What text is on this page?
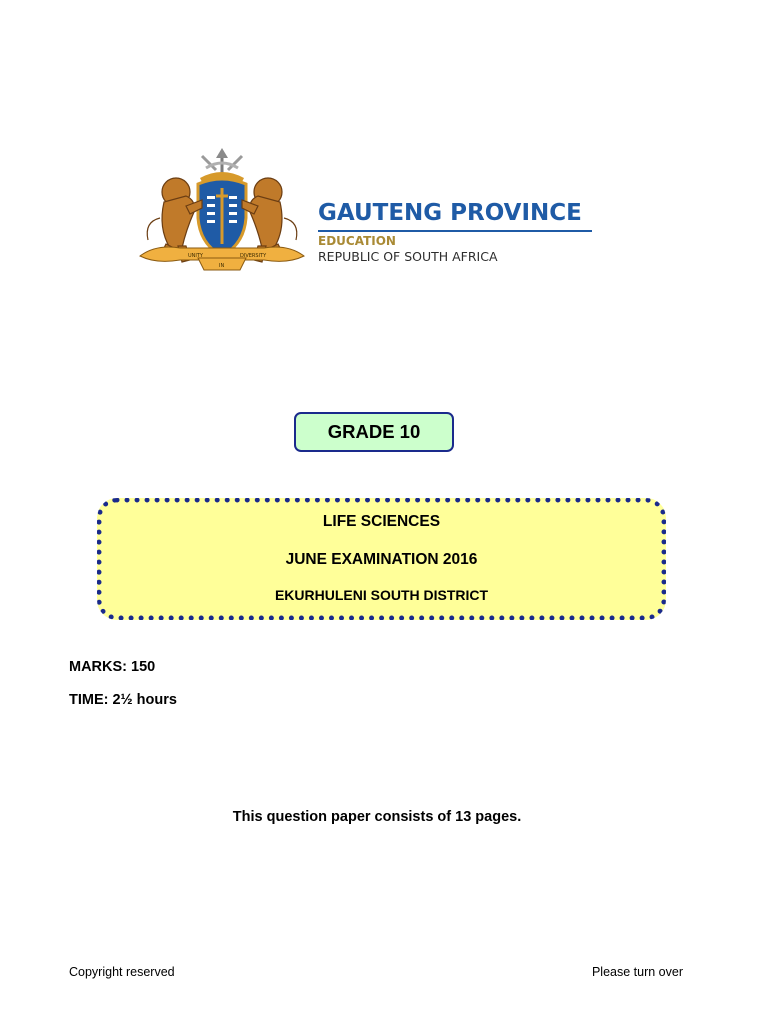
UNITY
IN
DIVERSITY
GAUTENG PROVINCE
EDUCATION
REPUBLIC OF SOUTH AFRICA
GRADE 10
LIFE SCIENCES
JUNE EXAMINATION 2016
EKURHULENI SOUTH DISTRICT
MARKS: 150
TIME: 2½ hours
This question paper consists of 13 pages.
Copyright reserved	Please turn over
